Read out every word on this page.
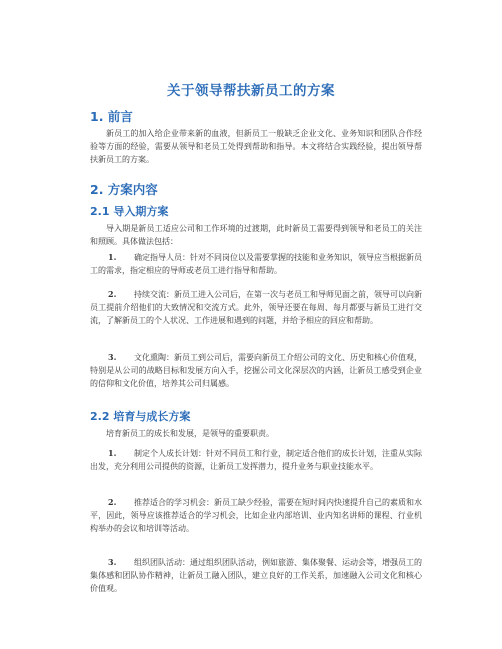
关于领导帮扶新员工的方案
1. 前言
新员工的加入给企业带来新的血液，但新员工一般缺乏企业文化、业务知识和团队合作经验等方面的经验，需要从领导和老员工处得到帮助和指导。本文将结合实践经验，提出领导帮扶新员工的方案。
2. 方案内容
2.1 导入期方案
导入期是新员工适应公司和工作环境的过渡期，此时新员工需要得到领导和老员工的关注和照顾。具体做法包括：
1. 确定指导人员：针对不同岗位以及需要掌握的技能和业务知识，领导应当根据新员工的需求，指定相应的导师或老员工进行指导和帮助。
2. 持续交流：新员工进入公司后，在第一次与老员工和导师见面之前，领导可以向新员工提前介绍他们的大致情况和交流方式。此外，领导还要在每周、每月都要与新员工进行交流，了解新员工的个人状况、工作进展和遇到的问题，并给予相应的回应和帮助。
3. 文化熏陶：新员工到公司后，需要向新员工介绍公司的文化、历史和核心价值观，特别是从公司的战略目标和发展方向入手，挖掘公司文化深层次的内涵，让新员工感受到企业的信仰和文化价值，培养其公司归属感。
2.2 培育与成长方案
培育新员工的成长和发展，是领导的重要职责。
1. 制定个人成长计划：针对不同员工和行业，制定适合他们的成长计划，注重从实际出发，充分利用公司提供的资源，让新员工发挥潜力，提升业务与职业技能水平。
2. 推荐适合的学习机会：新员工缺少经验，需要在短时间内快速提升自己的素质和水平，因此，领导应该推荐适合的学习机会，比如企业内部培训、业内知名讲师的课程、行业机构举办的会议和培训等活动。
3. 组织团队活动：通过组织团队活动，例如旅游、集体聚餐、运动会等，增强员工的集体感和团队协作精神，让新员工融入团队，建立良好的工作关系，加速融入公司文化和核心价值观。
